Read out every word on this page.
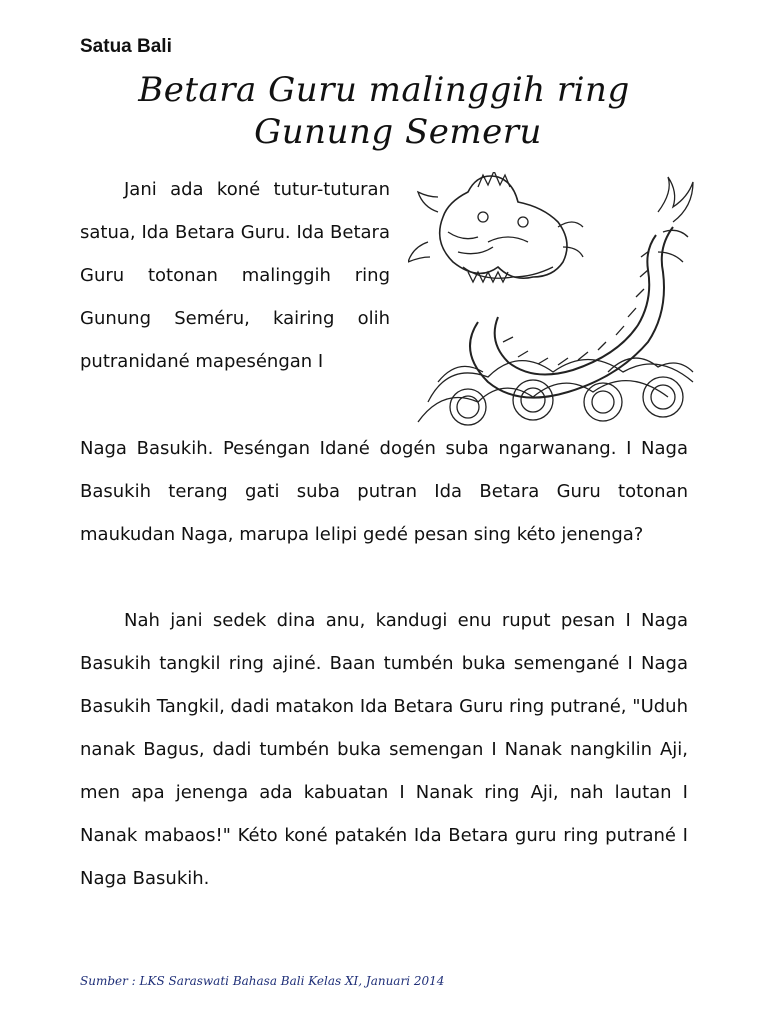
Satua Bali
Betara Guru malinggih ring
Gunung Semeru
Jani ada koné tutur-tuturan satua, Ida Betara Guru. Ida Betara Guru totonan malinggih ring Gunung Seméru, kairing olih putranidané mapeséngan I
Naga Basukih. Peséngan Idané dogén suba ngarwanang. I Naga Basukih terang gati suba putran Ida Betara Guru totonan maukudan Naga, marupa lelipi gedé pesan sing kéto jenenga?
Nah jani sedek dina anu, kandugi enu ruput pesan I Naga Basukih tangkil ring ajiné. Baan tumbén buka semengané I Naga Basukih Tangkil, dadi matakon Ida Betara Guru ring putrané, "Uduh nanak Bagus, dadi tumbén buka semengan I Nanak nangkilin Aji, men apa jenenga ada kabuatan I Nanak ring Aji, nah lautan I Nanak mabaos!" Kéto koné patakén Ida Betara guru ring putrané I Naga Basukih.
Sumber : LKS Saraswati Bahasa Bali Kelas XI, Januari 2014
